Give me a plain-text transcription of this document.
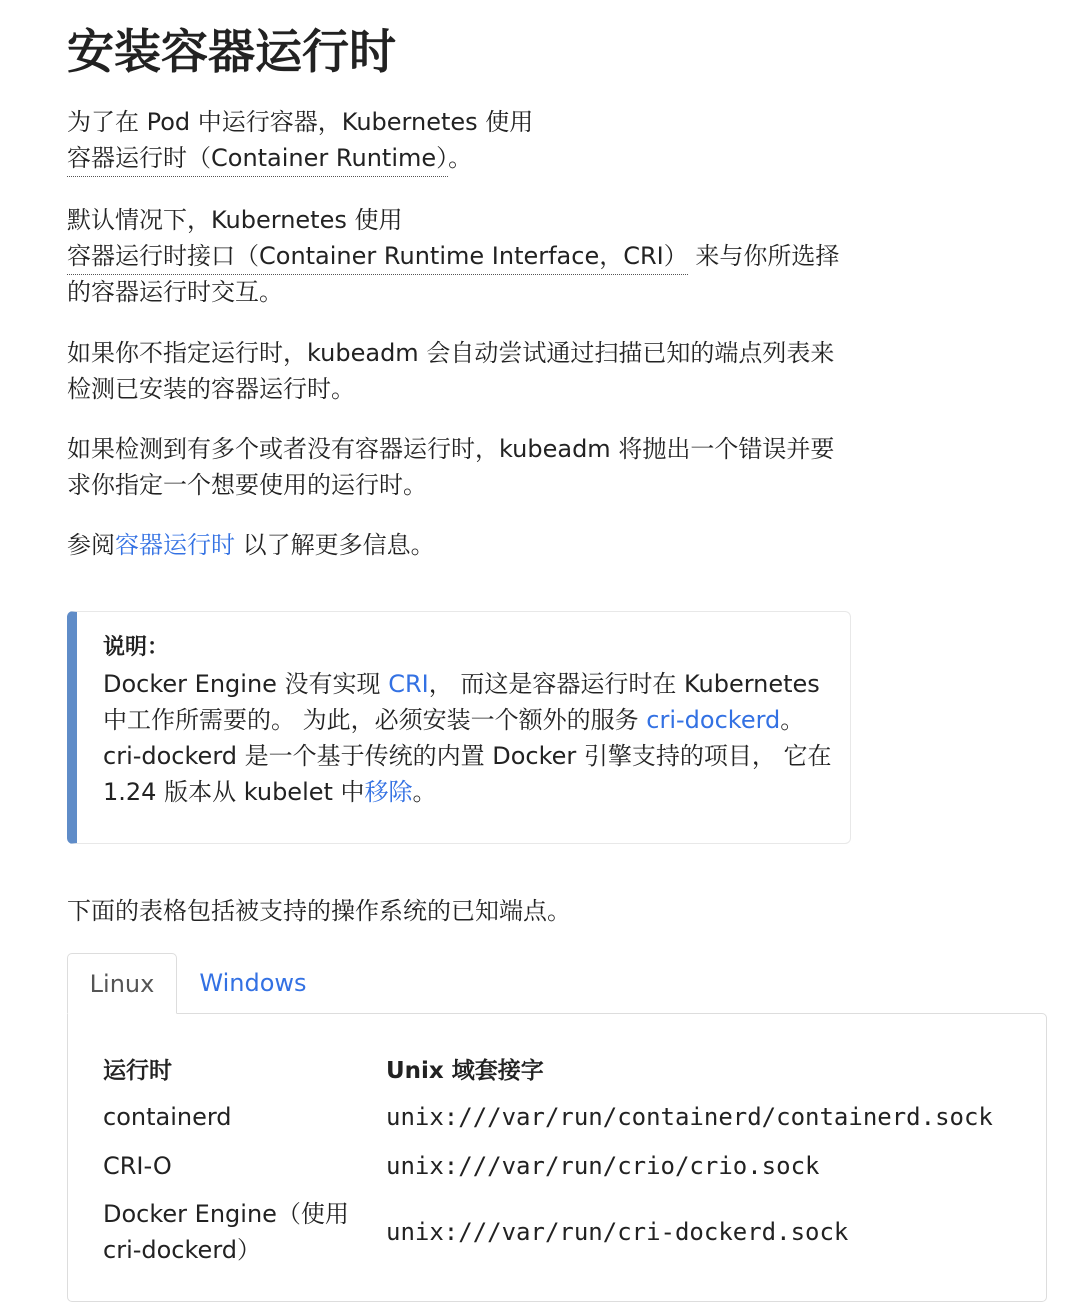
安装容器运行时

为了在 Pod 中运行容器，Kubernetes 使用
容器运行时（Container Runtime）。

默认情况下，Kubernetes 使用
容器运行时接口（Container Runtime Interface，CRI） 来与你所选择的容器运行时交互。

如果你不指定运行时，kubeadm 会自动尝试通过扫描已知的端点列表来检测已安装的容器运行时。

如果检测到有多个或者没有容器运行时，kubeadm 将抛出一个错误并要求你指定一个想要使用的运行时。

参阅容器运行时 以了解更多信息。

说明：
Docker Engine 没有实现 CRI， 而这是容器运行时在 Kubernetes 中工作所需要的。 为此，必须安装一个额外的服务 cri-dockerd。 cri-dockerd 是一个基于传统的内置 Docker 引擎支持的项目， 它在 1.24 版本从 kubelet 中移除。

下面的表格包括被支持的操作系统的已知端点。

Linux	Windows
运行时	Unix 域套接字
containerd	unix:///var/run/containerd/containerd.sock
CRI-O	unix:///var/run/crio/crio.sock
Docker Engine（使用 cri-dockerd）	unix:///var/run/cri-dockerd.sock
